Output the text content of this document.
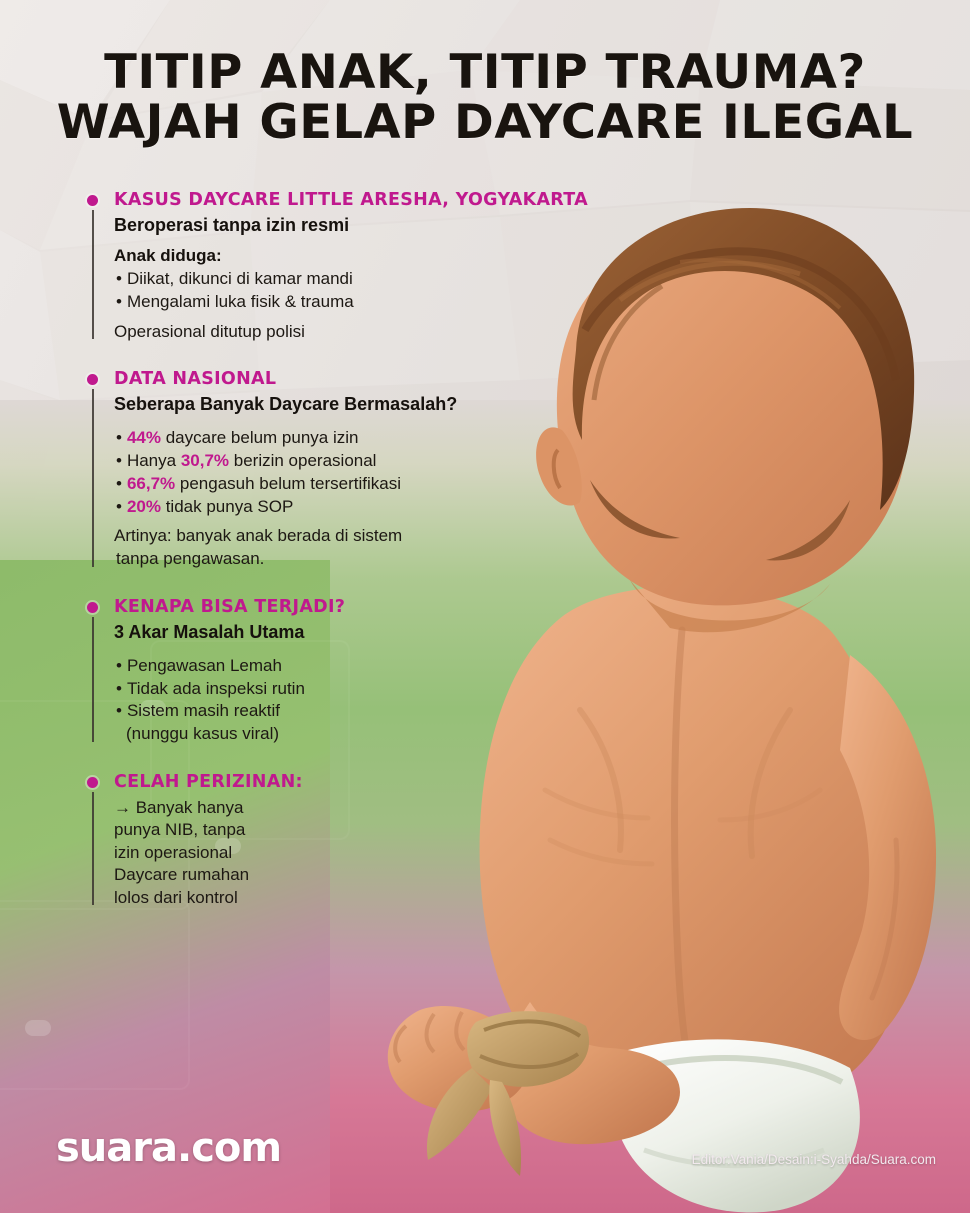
TITIP ANAK, TITIP TRAUMA?
WAJAH GELAP DAYCARE ILEGAL
KASUS DAYCARE LITTLE ARESHA, YOGYAKARTA
Beroperasi tanpa izin resmi
Anak diduga:
• Diikat, dikunci di kamar mandi
• Mengalami luka fisik & trauma
Operasional ditutup polisi
DATA NASIONAL
Seberapa Banyak Daycare Bermasalah?
• 44% daycare belum punya izin
• Hanya 30,7% berizin operasional
• 66,7% pengasuh belum tersertifikasi
• 20% tidak punya SOP
Artinya: banyak anak berada di sistem
tanpa pengawasan.
KENAPA BISA TERJADI?
3 Akar Masalah Utama
• Pengawasan Lemah
• Tidak ada inspeksi rutin
• Sistem masih reaktif
(nunggu kasus viral)
CELAH PERIZINAN:
→ Banyak hanya
punya NIB, tanpa
izin operasional
Daycare rumahan
lolos dari kontrol
suara.com	Editor:Vania/Desain:i-Syahda/Suara.com
